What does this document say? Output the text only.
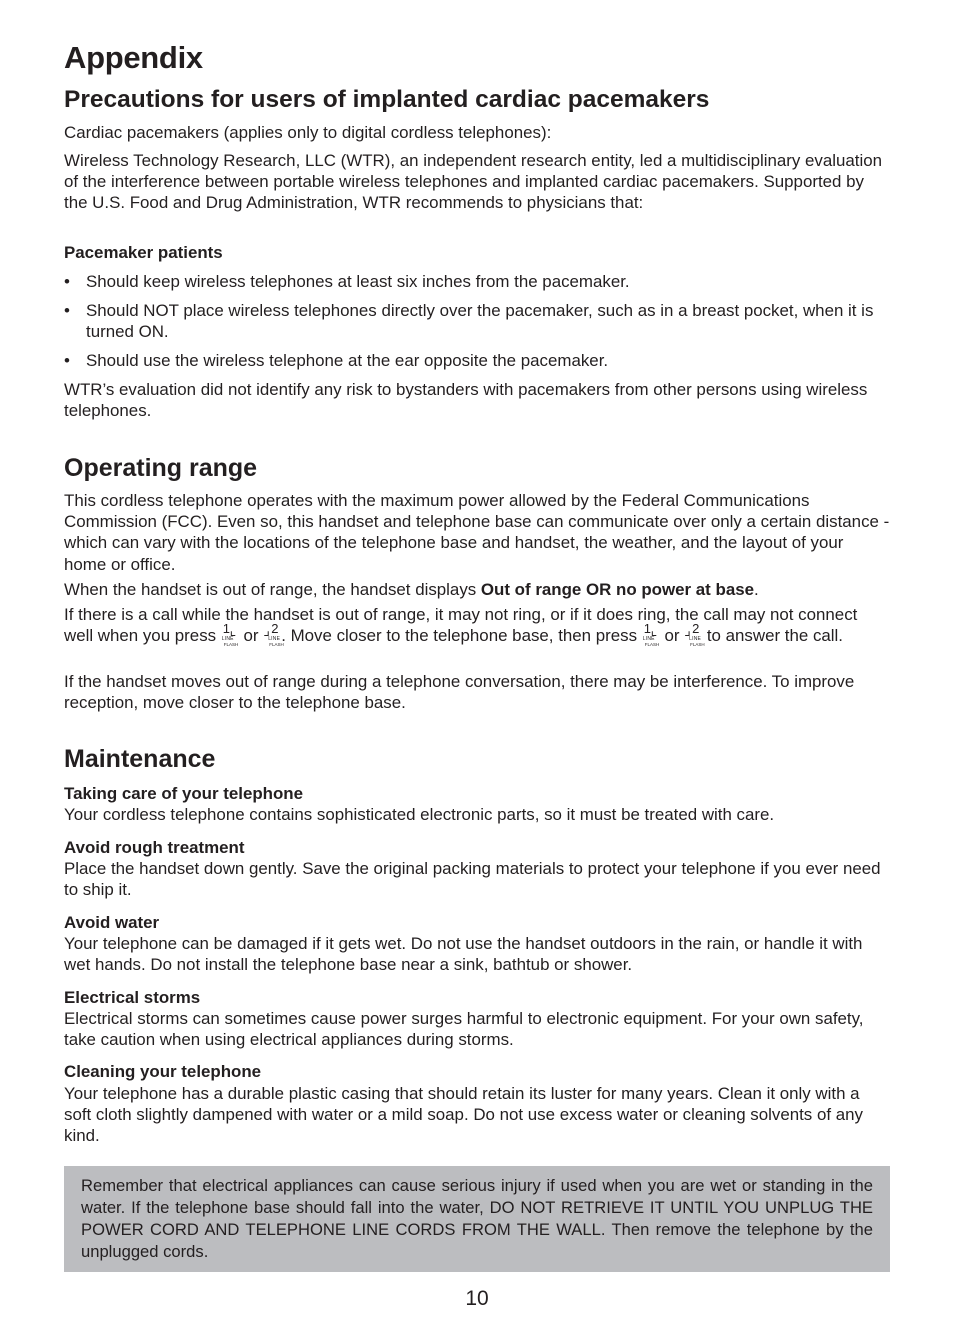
Appendix
Precautions for users of implanted cardiac pacemakers

Cardiac pacemakers (applies only to digital cordless telephones):

Wireless Technology Research, LLC (WTR), an independent research entity, led a multidisciplinary evaluation of the interference between portable wireless telephones and implanted cardiac pacemakers. Supported by the U.S. Food and Drug Administration, WTR recommends to physicians that:

Pacemaker patients

• Should keep wireless telephones at least six inches from the pacemaker.
• Should NOT place wireless telephones directly over the pacemaker, such as in a breast pocket, when it is turned ON.
• Should use the wireless telephone at the ear opposite the pacemaker.

WTR’s evaluation did not identify any risk to bystanders with pacemakers from other persons using wireless telephones.

Operating range

This cordless telephone operates with the maximum power allowed by the Federal Communications Commission (FCC). Even so, this handset and telephone base can communicate over only a certain distance - which can vary with the locations of the telephone base and handset, the weather, and the layout of your home or office.

When the handset is out of range, the handset displays Out of range OR no power at base.

If there is a call while the handset is out of range, it may not ring, or if it does ring, the call may not connect well when you press 1 ⌞
LINE
FLASH or ⌟ 2
LINE
FLASH
. Move closer to the telephone base, then press 1 ⌞
LINE
FLASH or ⌟ 2
LINE
FLASH
to answer the call.

If the handset moves out of range during a telephone conversation, there may be interference. To improve reception, move closer to the telephone base.

Maintenance

Taking care of your telephone

Your cordless telephone contains sophisticated electronic parts, so it must be treated with care.

Avoid rough treatment

Place the handset down gently. Save the original packing materials to protect your telephone if you ever need to ship it.

Avoid water

Your telephone can be damaged if it gets wet. Do not use the handset outdoors in the rain, or handle it with wet hands. Do not install the telephone base near a sink, bathtub or shower.

Electrical storms

Electrical storms can sometimes cause power surges harmful to electronic equipment. For your own safety, take caution when using electrical appliances during storms.

Cleaning your telephone

Your telephone has a durable plastic casing that should retain its luster for many years. Clean it only with a soft cloth slightly dampened with water or a mild soap. Do not use excess water or cleaning solvents of any kind.

Remember that electrical appliances can cause serious injury if used when you are wet or standing in the water. If the telephone base should fall into the water, DO NOT RETRIEVE IT UNTIL YOU UNPLUG THE POWER CORD AND TELEPHONE LINE CORDS FROM THE WALL. Then remove the telephone by the unplugged cords.

10
